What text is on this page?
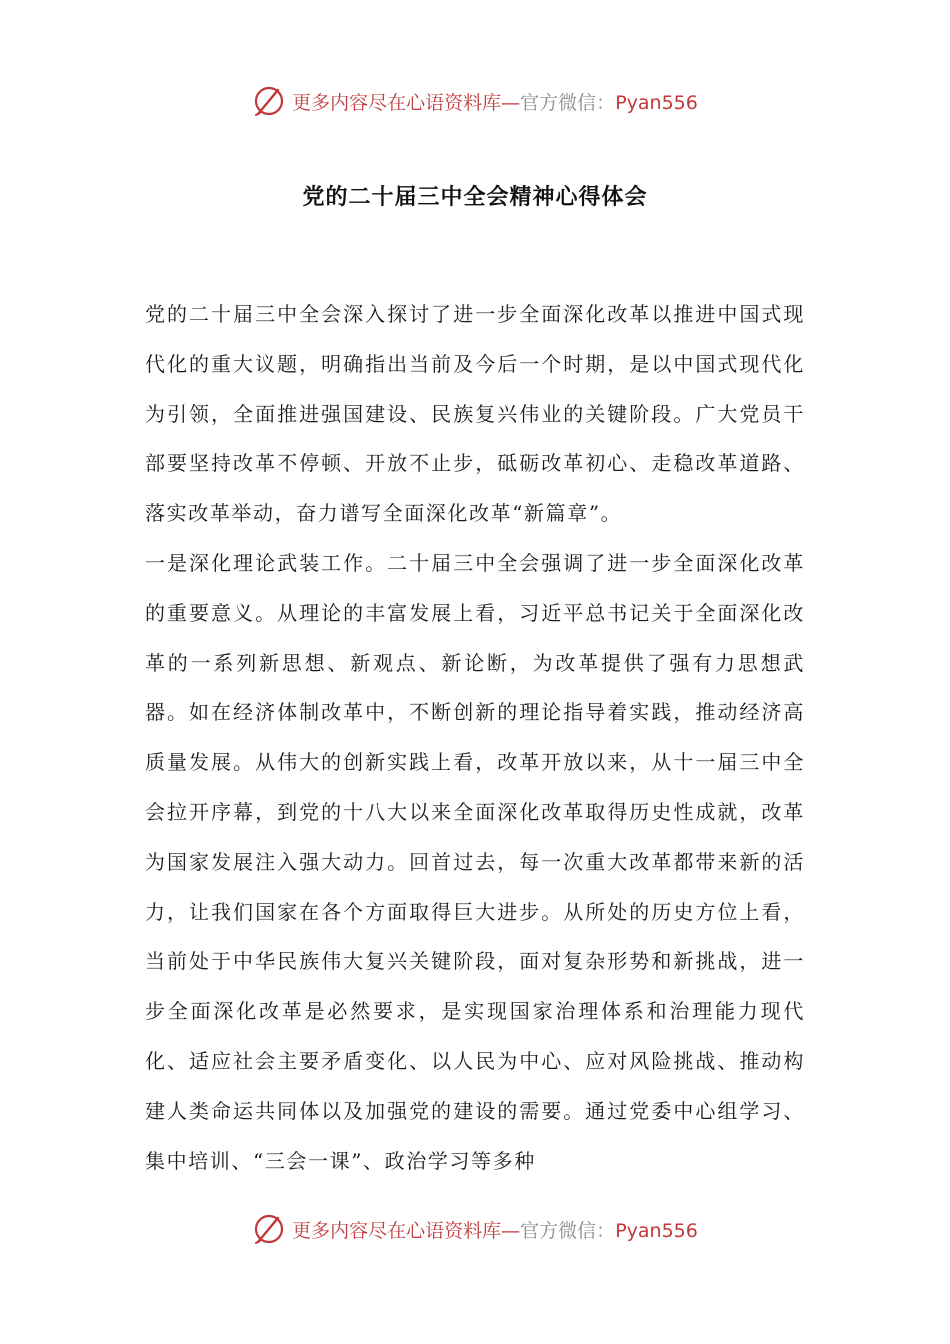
更多内容尽在心语资料库—官方微信：Pyan556
党的二十届三中全会精神心得体会

党的二十届三中全会深入探讨了进一步全面深化改革以推进中国式现代化的重大议题，明确指出当前及今后一个时期，是以中国式现代化为引领，全面推进强国建设、民族复兴伟业的关键阶段。广大党员干部要坚持改革不停顿、开放不止步，砥砺改革初心、走稳改革道路、落实改革举动，奋力谱写全面深化改革“新篇章”。

一是深化理论武装工作。二十届三中全会强调了进一步全面深化改革的重要意义。从理论的丰富发展上看，习近平总书记关于全面深化改革的一系列新思想、新观点、新论断，为改革提供了强有力思想武器。如在经济体制改革中，不断创新的理论指导着实践，推动经济高质量发展。从伟大的创新实践上看，改革开放以来，从十一届三中全会拉开序幕，到党的十八大以来全面深化改革取得历史性成就，改革为国家发展注入强大动力。回首过去，每一次重大改革都带来新的活力，让我们国家在各个方面取得巨大进步。从所处的历史方位上看，当前处于中华民族伟大复兴关键阶段，面对复杂形势和新挑战，进一步全面深化改革是必然要求，是实现国家治理体系和治理能力现代化、适应社会主要矛盾变化、以人民为中心、应对风险挑战、推动构建人类命运共同体以及加强党的建设的需要。通过党委中心组学习、集中培训、“三会一课”、政治学习等多种

更多内容尽在心语资料库—官方微信：Pyan556
